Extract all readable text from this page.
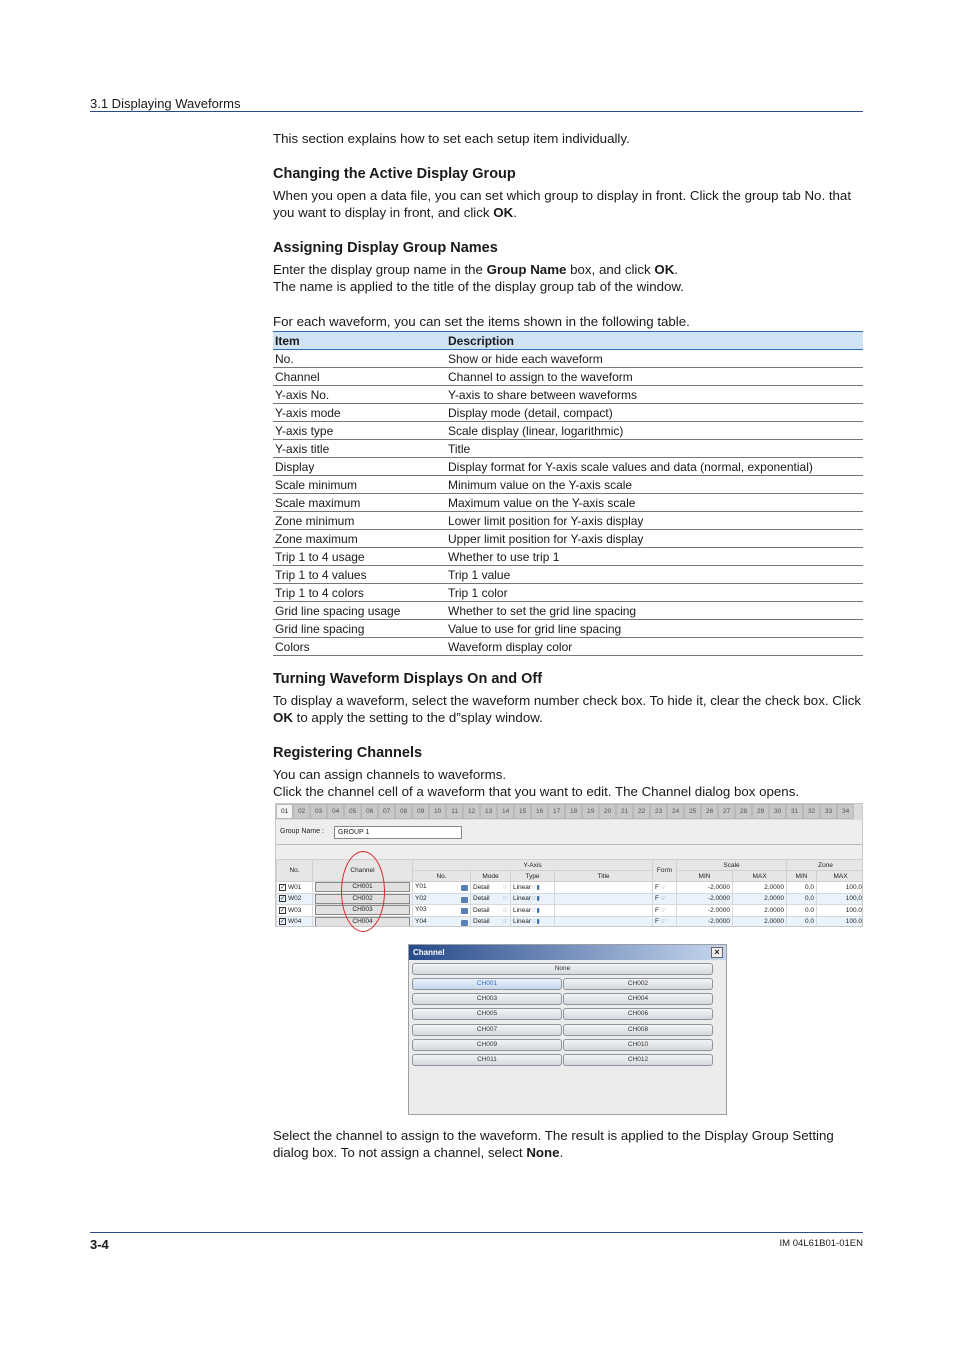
3.1 Displaying Waveforms

This section explains how to set each setup item individually.

Changing the Active Display Group

When you open a data file, you can set which group to display in front. Click the group tab No. that you want to display in front, and click OK.

Assigning Display Group Names

Enter the display group name in the Group Name box, and click OK.

The name is applied to the title of the display group tab of the window.

For each waveform, you can set the items shown in the following table.

Item	Description
No.	Show or hide each waveform
Channel	Channel to assign to the waveform
Y-axis No.	Y-axis to share between waveforms
Y-axis mode	Display mode (detail, compact)
Y-axis type	Scale display (linear, logarithmic)
Y-axis title	Title
Display	Display format for Y-axis scale values and data (normal, exponential)
Scale minimum	Minimum value on the Y-axis scale
Scale maximum	Maximum value on the Y-axis scale
Zone minimum	Lower limit position for Y-axis display
Zone maximum	Upper limit position for Y-axis display
Trip 1 to 4 usage	Whether to use trip 1
Trip 1 to 4 values	Trip 1 value
Trip 1 to 4 colors	Trip 1 color
Grid line spacing usage	Whether to set the grid line spacing
Grid line spacing	Value to use for grid line spacing
Colors	Waveform display color
Turning Waveform Displays On and Off

To display a waveform, select the waveform number check box. To hide it, clear the check box. Click OK to apply the setting to the d”splay window.

Registering Channels

You can assign channels to waveforms.

Click the channel cell of a waveform that you want to edit. The Channel dialog box opens.

01	02	03	04	05	06	07	08	09	10	11	12	13	14	15	16	17	18	19	20	21	22	23	24	25	26	27	28	29	30	31	32	33	34
Group Name :	GROUP 1
No.	Channel	Y-Axis				Form	Scale		Zone	
		No.	Mode	Type	Title		MIN	MAX	MIN	MAX
✓ W01	CH001	Y01	Detail ☞	Linear☞▮		F ☞	-2.0000	2.0000	0.0	100.0
✓ W02	CH002	Y02	Detail ☞	Linear☞▮		F ☞	-2.0000	2.0000	0.0	100.0
✓ W03	CH003	Y03	Detail ☞	Linear☞▮		F ☞	-2.0000	2.0000	0.0	100.0
✓ W04	CH004	Y04	Detail ☞	Linear☞▮		F ☞	-2.0000	2.0000	0.0	100.0
Channel	×
None
CH001	CH002
CH003	CH004
CH005	CH006
CH007	CH008
CH009	CH010
CH011	CH012

Select the channel to assign to the waveform. The result is applied to the Display Group Setting dialog box. To not assign a channel, select None.

3-4	IM 04L61B01-01EN
